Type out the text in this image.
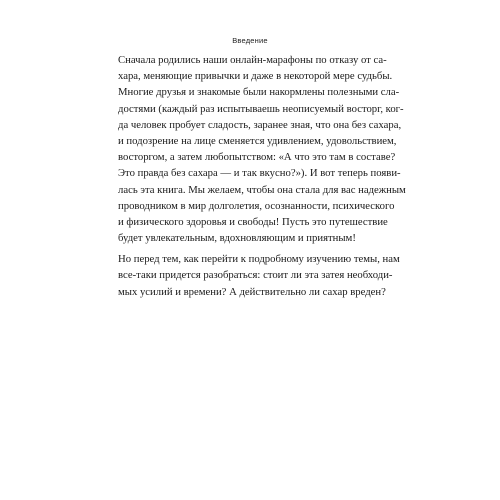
Введение
Сначала родились наши онлайн-марафоны по отказу от са-
хара, меняющие привычки и даже в некоторой мере судьбы.
Многие друзья и знакомые были накормлены полезными сла-
достями (каждый раз испытываешь неописуемый восторг, ког-
да человек пробует сладость, заранее зная, что она без сахара,
и подозрение на лице сменяется удивлением, удовольствием,
восторгом, а затем любопытством: «А что это там в составе?
Это правда без сахара — и так вкусно?»). И вот теперь появи-
лась эта книга. Мы желаем, чтобы она стала для вас надежным
проводником в мир долголетия, осознанности, психического
и физического здоровья и свободы! Пусть это путешествие
будет увлекательным, вдохновляющим и приятным!
Но перед тем, как перейти к подробному изучению темы, нам
все-таки придется разобраться: стоит ли эта затея необходи-
мых усилий и времени? А действительно ли сахар вреден?
